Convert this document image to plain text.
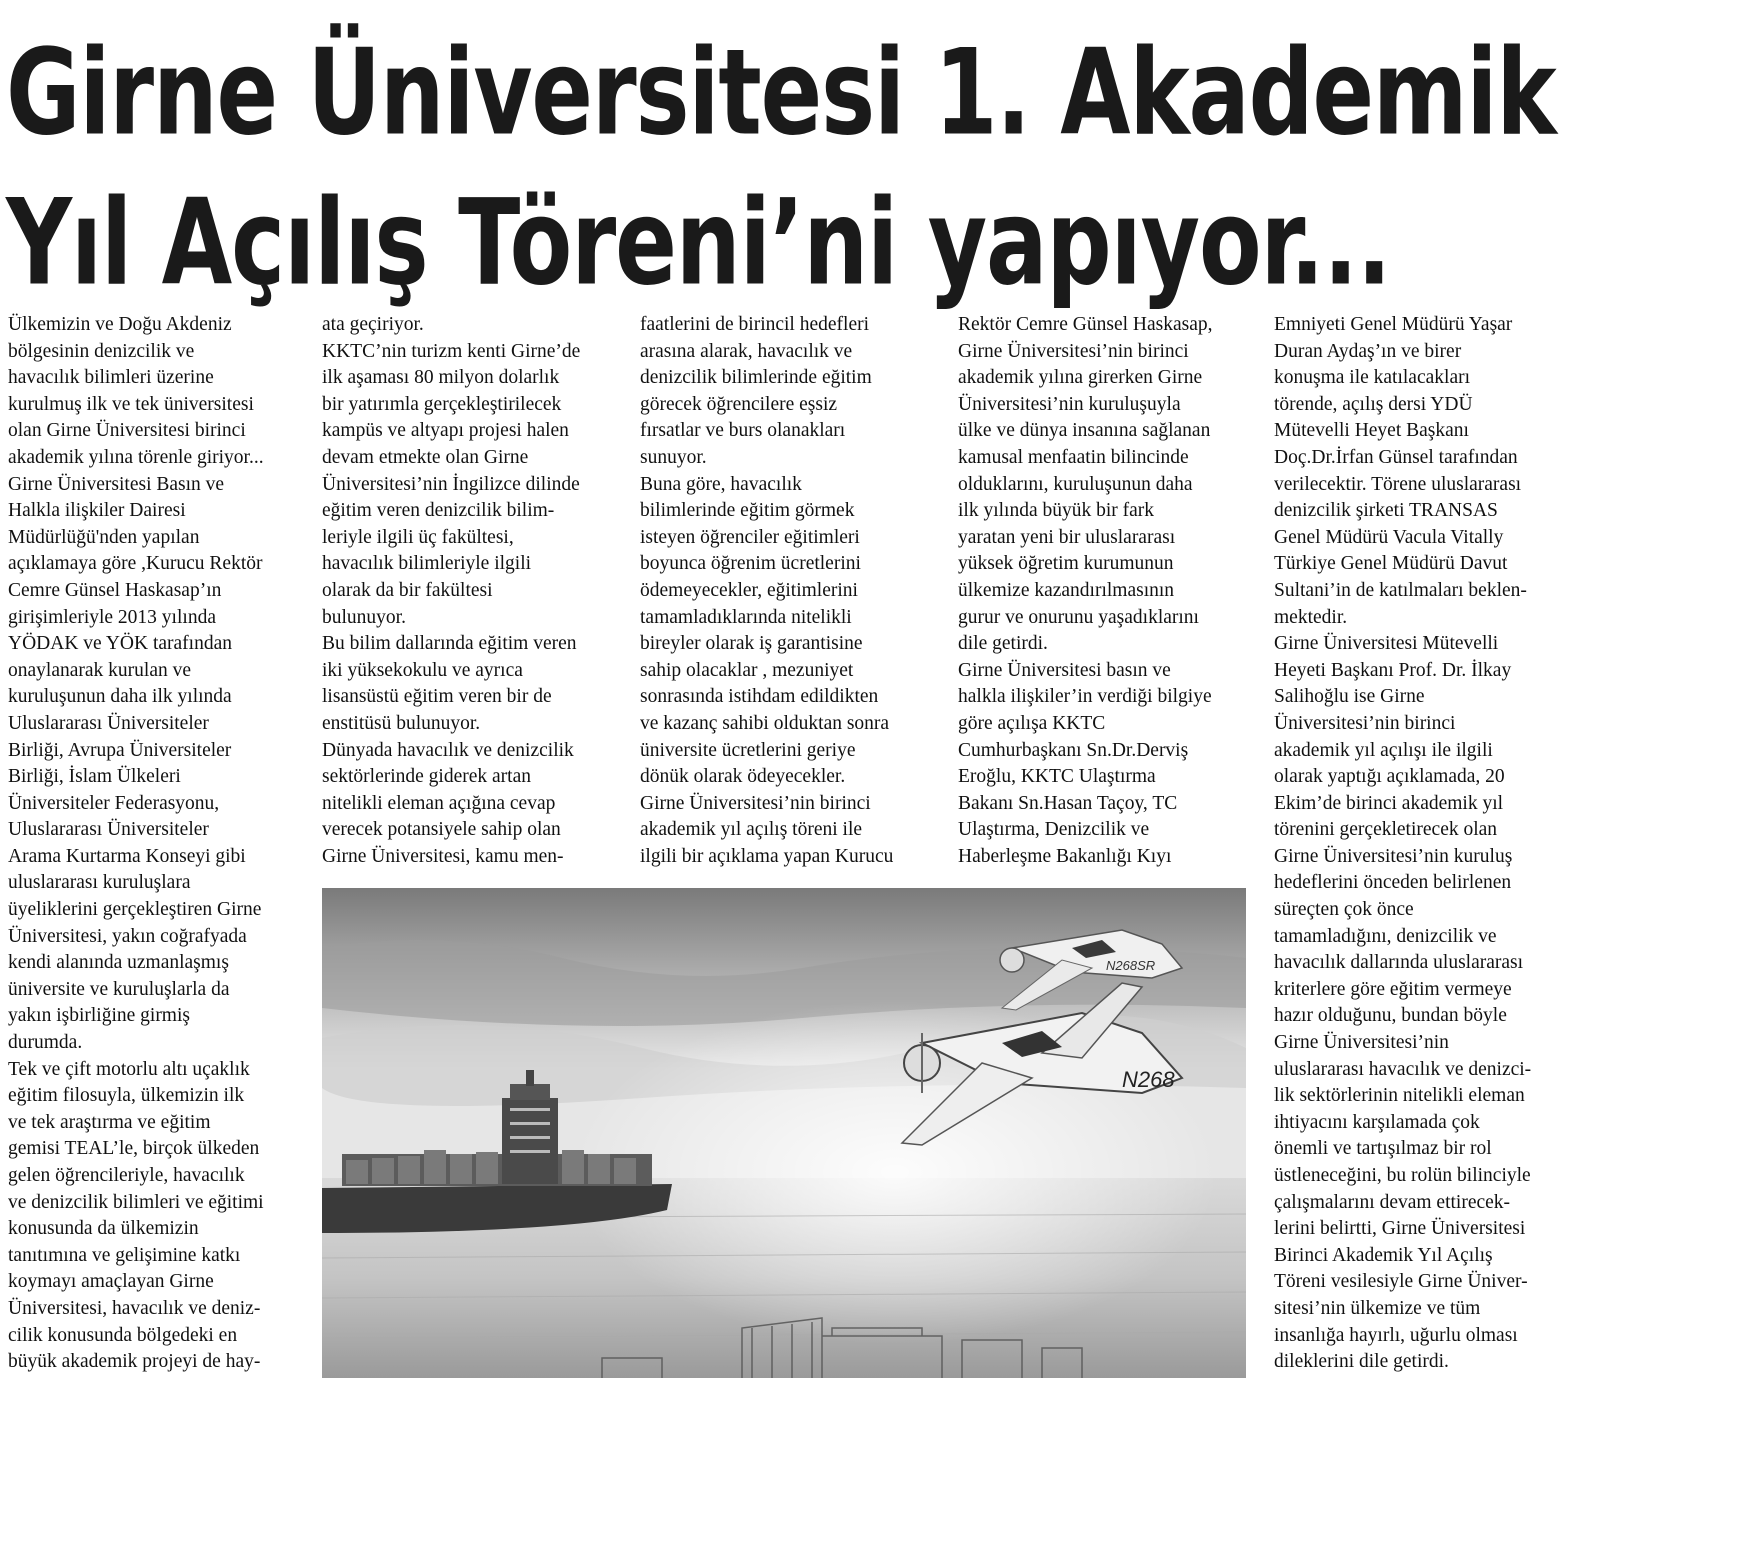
Girne Üniversitesi 1. Akademik
Yıl Açılış Töreni’ni yapıyor...

Ülkemizin ve Doğu Akdeniz

bölgesinin denizcilik ve

havacılık bilimleri üzerine

kurulmuş ilk ve tek üniversitesi

olan Girne Üniversitesi birinci

akademik yılına törenle giriyor...

Girne Üniversitesi Basın ve

Halkla ilişkiler Dairesi

Müdürlüğü'nden yapılan

açıklamaya göre ,Kurucu Rektör

Cemre Günsel Haskasap’ın

girişimleriyle 2013 yılında

YÖDAK ve YÖK tarafından

onaylanarak kurulan ve

kuruluşunun daha ilk yılında

Uluslararası Üniversiteler

Birliği, Avrupa Üniversiteler

Birliği, İslam Ülkeleri

Üniversiteler Federasyonu,

Uluslararası Üniversiteler

Arama Kurtarma Konseyi gibi

uluslararası kuruluşlara

üyeliklerini gerçekleştiren Girne

Üniversitesi, yakın coğrafyada

kendi alanında uzmanlaşmış

üniversite ve kuruluşlarla da

yakın işbirliğine girmiş

durumda.

Tek ve çift motorlu altı uçaklık

eğitim filosuyla, ülkemizin ilk

ve tek araştırma ve eğitim

gemisi TEAL’le, birçok ülkeden

gelen öğrencileriyle, havacılık

ve denizcilik bilimleri ve eğitimi

konusunda da ülkemizin

tanıtımına ve gelişimine katkı

koymayı amaçlayan Girne

Üniversitesi, havacılık ve deniz-

cilik konusunda bölgedeki en

büyük akademik projeyi de hay-

ata geçiriyor.

KKTC’nin turizm kenti Girne’de

ilk aşaması 80 milyon dolarlık

bir yatırımla gerçekleştirilecek

kampüs ve altyapı projesi halen

devam etmekte olan Girne

Üniversitesi’nin İngilizce dilinde

eğitim veren denizcilik bilim-

leriyle ilgili üç fakültesi,

havacılık bilimleriyle ilgili

olarak da bir fakültesi

bulunuyor.

Bu bilim dallarında eğitim veren

iki yüksekokulu ve ayrıca

lisansüstü eğitim veren bir de

enstitüsü bulunuyor.

Dünyada havacılık ve denizcilik

sektörlerinde giderek artan

nitelikli eleman açığına cevap

verecek potansiyele sahip olan

Girne Üniversitesi, kamu men-

faatlerini de birincil hedefleri

arasına alarak, havacılık ve

denizcilik bilimlerinde eğitim

görecek öğrencilere eşsiz

fırsatlar ve burs olanakları

sunuyor.

Buna göre, havacılık

bilimlerinde eğitim görmek

isteyen öğrenciler eğitimleri

boyunca öğrenim ücretlerini

ödemeyecekler, eğitimlerini

tamamladıklarında nitelikli

bireyler olarak iş garantisine

sahip olacaklar , mezuniyet

sonrasında istihdam edildikten

ve kazanç sahibi olduktan sonra

üniversite ücretlerini geriye

dönük olarak ödeyecekler.

Girne Üniversitesi’nin birinci

akademik yıl açılış töreni ile

ilgili bir açıklama yapan Kurucu

Rektör Cemre Günsel Haskasap,

Girne Üniversitesi’nin birinci

akademik yılına girerken Girne

Üniversitesi’nin kuruluşuyla

ülke ve dünya insanına sağlanan

kamusal menfaatin bilincinde

olduklarını, kuruluşunun daha

ilk yılında büyük bir fark

yaratan yeni bir uluslararası

yüksek öğretim kurumunun

ülkemize kazandırılmasının

gurur ve onurunu yaşadıklarını

dile getirdi.

Girne Üniversitesi basın ve

halkla ilişkiler’in verdiği bilgiye

göre açılışa KKTC

Cumhurbaşkanı Sn.Dr.Derviş

Eroğlu, KKTC Ulaştırma

Bakanı Sn.Hasan Taçoy, TC

Ulaştırma, Denizcilik ve

Haberleşme Bakanlığı Kıyı

Emniyeti Genel Müdürü Yaşar

Duran Aydaş’ın ve birer

konuşma ile katılacakları

törende, açılış dersi YDÜ

Mütevelli Heyet Başkanı

Doç.Dr.İrfan Günsel tarafından

verilecektir. Törene uluslararası

denizcilik şirketi TRANSAS

Genel Müdürü Vacula Vitally

Türkiye Genel Müdürü Davut

Sultani’in de katılmaları beklen-

mektedir.

Girne Üniversitesi Mütevelli

Heyeti Başkanı Prof. Dr. İlkay

Salihoğlu ise Girne

Üniversitesi’nin birinci

akademik yıl açılışı ile ilgili

olarak yaptığı açıklamada, 20

Ekim’de birinci akademik yıl

törenini gerçekletirecek olan

Girne Üniversitesi’nin kuruluş

hedeflerini önceden belirlenen

süreçten çok önce

tamamladığını, denizcilik ve

havacılık dallarında uluslararası

kriterlere göre eğitim vermeye

hazır olduğunu, bundan böyle

Girne Üniversitesi’nin

uluslararası havacılık ve denizci-

lik sektörlerinin nitelikli eleman

ihtiyacını karşılamada çok

önemli ve tartışılmaz bir rol

üstleneceğini, bu rolün bilinciyle

çalışmalarını devam ettirecek-

lerini belirtti, Girne Üniversitesi

Birinci Akademik Yıl Açılış

Töreni vesilesiyle Girne Üniver-

sitesi’nin ülkemize ve tüm

insanlığa hayırlı, uğurlu olması

dileklerini dile getirdi.

N268
N268SR
